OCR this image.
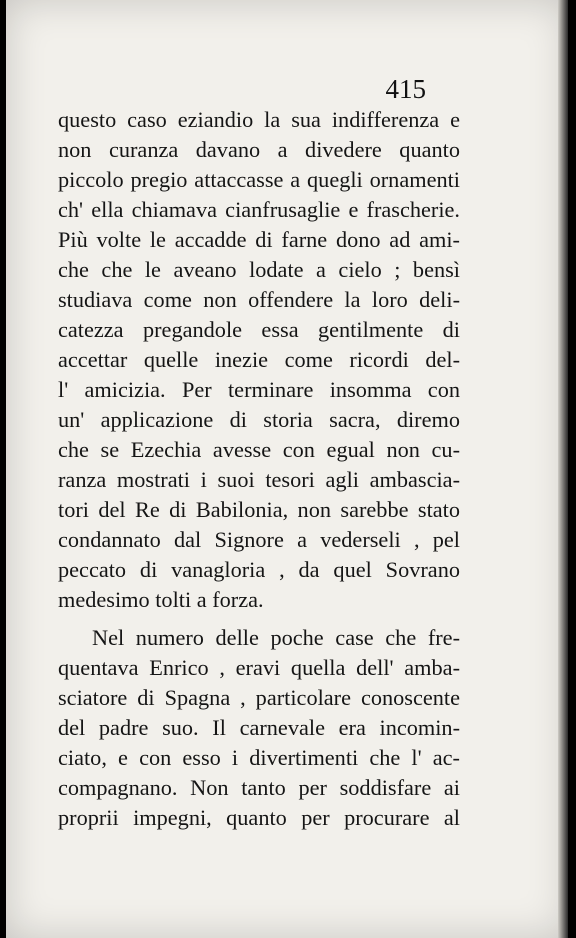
415
questo caso eziandio la sua indifferenza e
non curanza davano a divedere quanto
piccolo pregio attaccasse a quegli ornamenti
ch' ella chiamava cianfrusaglie e frascherie.
Più volte le accadde di farne dono ad ami-
che che le aveano lodate a cielo ; bensì
studiava come non offendere la loro deli-
catezza pregandole essa gentilmente di
accettar quelle inezie come ricordi del-
l' amicizia. Per terminare insomma con
un' applicazione di storia sacra, diremo
che se Ezechia avesse con egual non cu-
ranza mostrati i suoi tesori agli ambascia-
tori del Re di Babilonia, non sarebbe stato
condannato dal Signore a vederseli , pel
peccato di vanagloria , da quel Sovrano
medesimo tolti a forza.
Nel numero delle poche case che fre-
quentava Enrico , eravi quella dell' amba-
sciatore di Spagna , particolare conoscente
del padre suo. Il carnevale era incomin-
ciato, e con esso i divertimenti che l' ac-
compagnano. Non tanto per soddisfare ai
proprii impegni, quanto per procurare al
